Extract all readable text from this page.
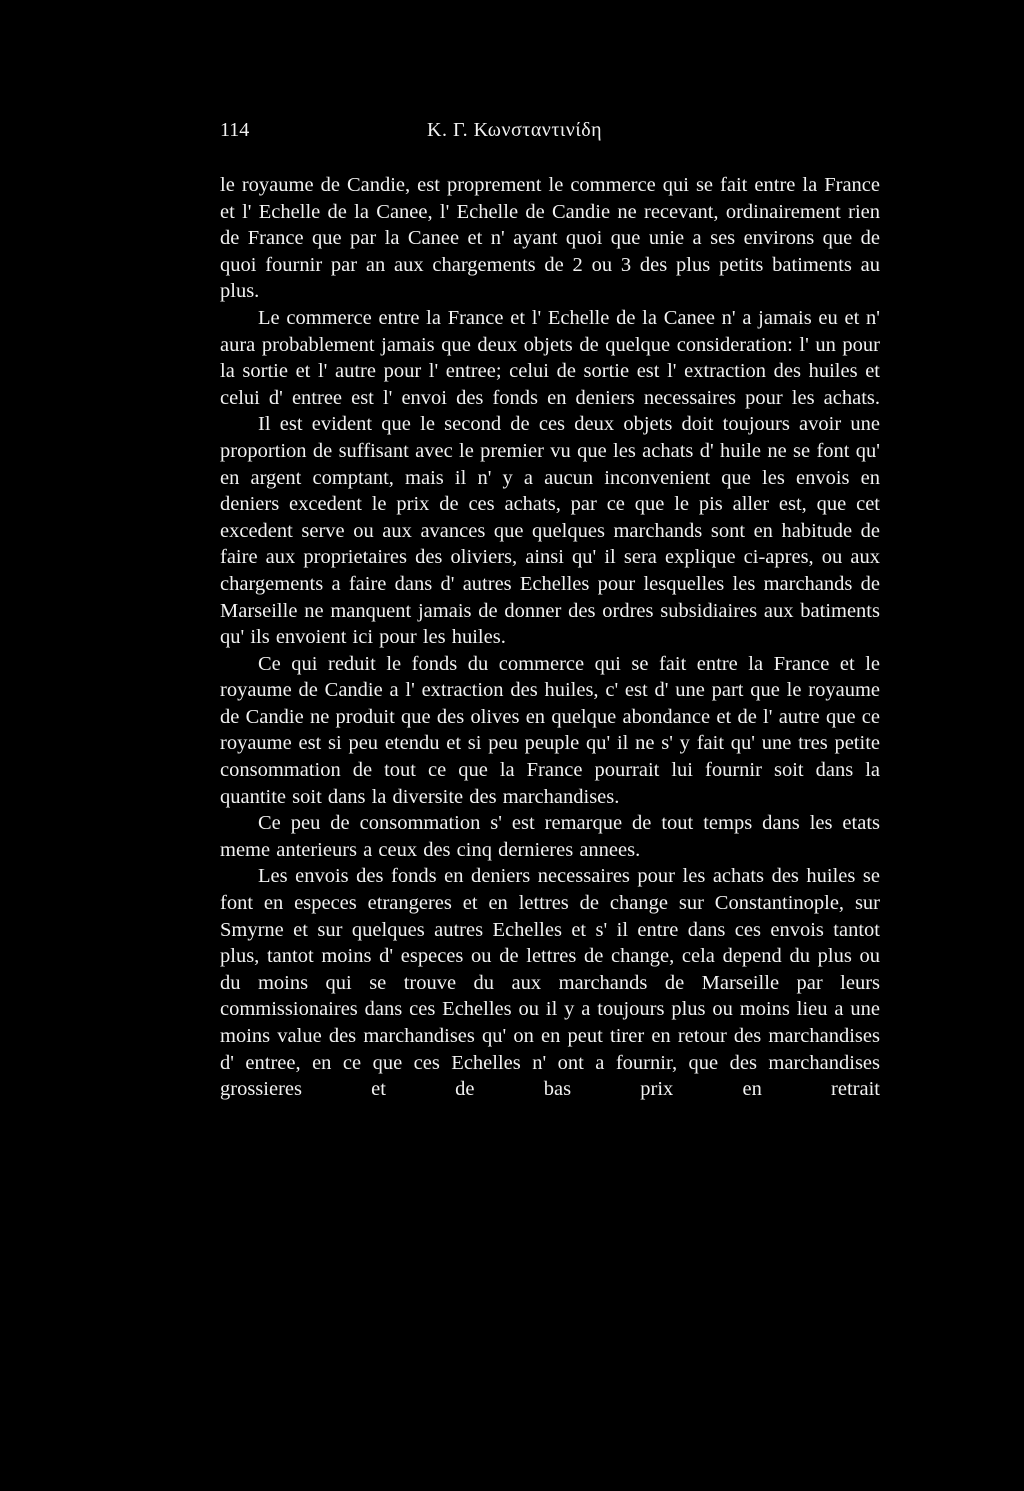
114	Κ. Γ. Κωνσταντινίδη

le royaume de Candie, est proprement le commerce qui se fait entre la France et l' Echelle de la Canee, l' Echelle de Candie ne recevant, ordinairement rien de France que par la Canee et n' ayant quoi que unie a ses environs que de quoi fournir par an aux chargements de 2 ou 3 des plus petits batiments au plus.

Le commerce entre la France et l' Echelle de la Canee n' a jamais eu et n' aura probablement jamais que deux objets de quelque consideration: l' un pour la sortie et l' autre pour l' entree; celui de sortie est l' extraction des huiles et celui d' entree est l' envoi des fonds en deniers necessaires pour les achats.

Il est evident que le second de ces deux objets doit toujours avoir une proportion de suffisant avec le premier vu que les achats d' huile ne se font qu' en argent comptant, mais il n' y a aucun inconvenient que les envois en deniers excedent le prix de ces achats, par ce que le pis aller est, que cet excedent serve ou aux avances que quelques marchands sont en habitude de faire aux proprietaires des oliviers, ainsi qu' il sera explique ci-apres, ou aux chargements a faire dans d' autres Echelles pour lesquelles les marchands de Marseille ne manquent jamais de donner des ordres subsidiaires aux batiments qu' ils envoient ici pour les huiles.

Ce qui reduit le fonds du commerce qui se fait entre la France et le royaume de Candie a l' extraction des huiles, c' est d' une part que le royaume de Candie ne produit que des olives en quelque abondance et de l' autre que ce royaume est si peu etendu et si peu peuple qu' il ne s' y fait qu' une tres petite consommation de tout ce que la France pourrait lui fournir soit dans la quantite soit dans la diversite des marchandises.

Ce peu de consommation s' est remarque de tout temps dans les etats meme anterieurs a ceux des cinq dernieres annees.

Les envois des fonds en deniers necessaires pour les achats des huiles se font en especes etrangeres et en lettres de change sur Constantinople, sur Smyrne et sur quelques autres Echelles et s' il entre dans ces envois tantot plus, tantot moins d' especes ou de lettres de change, cela depend du plus ou du moins qui se trouve du aux marchands de Marseille par leurs commissionaires dans ces Echelles ou il y a toujours plus ou moins lieu a une moins value des marchandises qu' on en peut tirer en retour des marchandises d' entree, en ce que ces Echelles n' ont a fournir, que des marchandises grossieres et de bas prix en retrait
